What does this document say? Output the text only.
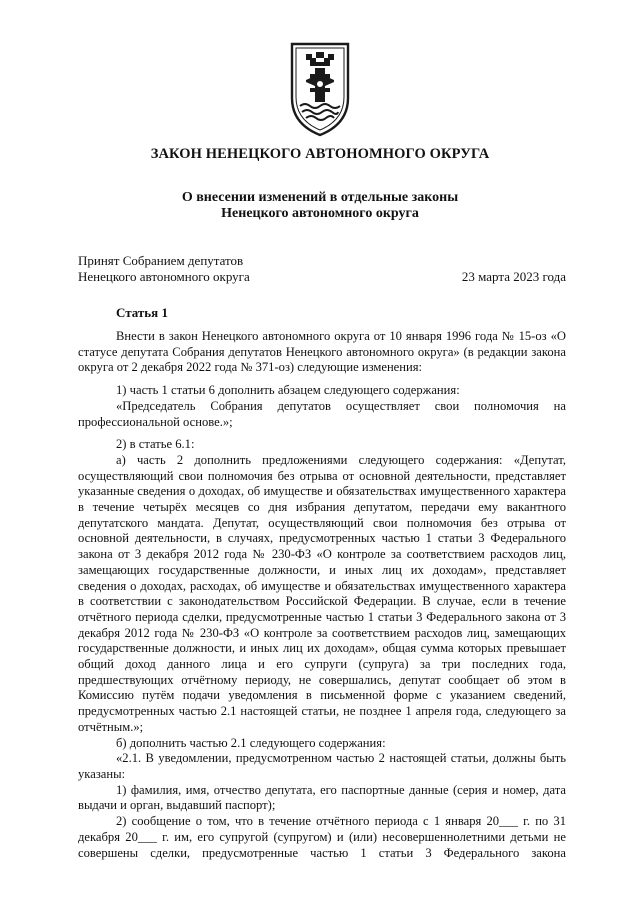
ЗАКОН НЕНЕЦКОГО АВТОНОМНОГО ОКРУГА
О внесении изменений в отдельные законы
Ненецкого автономного округа
Принят Собранием депутатов
Ненецкого автономного округа	23 марта 2023 года
Статья 1

Внести в закон Ненецкого автономного округа от 10 января 1996 года № 15-оз «О статусе депутата Собрания депутатов Ненецкого автономного округа» (в редакции закона округа от 2 декабря 2022 года № 371-оз) следующие изменения:

1) часть 1 статьи 6 дополнить абзацем следующего содержания:

«Председатель Собрания депутатов осуществляет свои полномочия на профессиональной основе.»;

2) в статье 6.1:

а) часть 2 дополнить предложениями следующего содержания: «Депутат, осуществляющий свои полномочия без отрыва от основной деятельности, представляет указанные сведения о доходах, об имуществе и обязательствах имущественного характера в течение четырёх месяцев со дня избрания депутатом, передачи ему вакантного депутатского мандата. Депутат, осуществляющий свои полномочия без отрыва от основной деятельности, в случаях, предусмотренных частью 1 статьи 3 Федерального закона от 3 декабря 2012 года № 230-ФЗ «О контроле за соответствием расходов лиц, замещающих государственные должности, и иных лиц их доходам», представляет сведения о доходах, расходах, об имуществе и обязательствах имущественного характера в соответствии с законодательством Российской Федерации. В случае, если в течение отчётного периода сделки, предусмотренные частью 1 статьи 3 Федерального закона от 3 декабря 2012 года № 230-ФЗ «О контроле за соответствием расходов лиц, замещающих государственные должности, и иных лиц их доходам», общая сумма которых превышает общий доход данного лица и его супруги (супруга) за три последних года, предшествующих отчётному периоду, не совершались, депутат сообщает об этом в Комиссию путём подачи уведомления в письменной форме с указанием сведений, предусмотренных частью 2.1 настоящей статьи, не позднее 1 апреля года, следующего за отчётным.»;

б) дополнить частью 2.1 следующего содержания:

«2.1. В уведомлении, предусмотренном частью 2 настоящей статьи, должны быть указаны:

1) фамилия, имя, отчество депутата, его паспортные данные (серия и номер, дата выдачи и орган, выдавший паспорт);

2) сообщение о том, что в течение отчётного периода с 1 января 20___ г. по 31 декабря 20___ г. им, его супругой (супругом) и (или) несовершеннолетними детьми не совершены сделки, предусмотренные частью 1 статьи 3 Федерального закона
